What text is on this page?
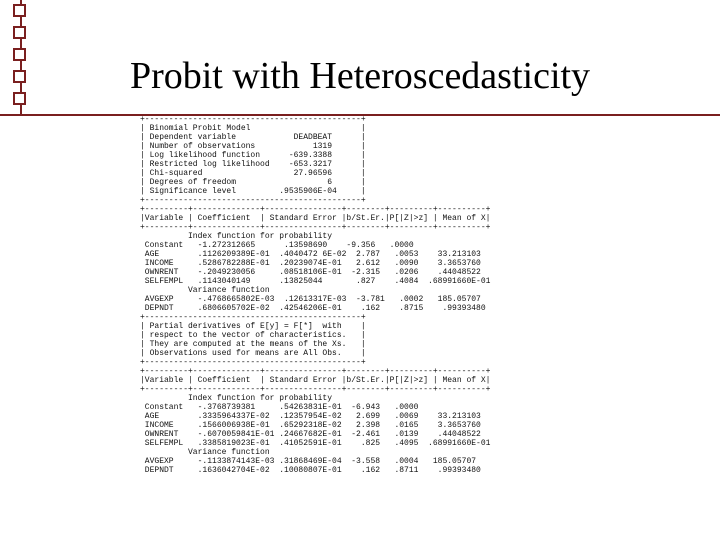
Probit with Heteroscedasticity
+---------------------------------------------+
| Binomial Probit Model                       |
| Dependent variable            DEADBEAT      |
| Number of observations            1319      |
| Log likelihood function      -639.3388      |
| Restricted log likelihood    -653.3217      |
| Chi-squared                   27.96596      |
| Degrees of freedom                   6      |
| Significance level         .9535906E-04     |
+---------------------------------------------+
+---------+--------------+----------------+--------+---------+----------+
|Variable | Coefficient  | Standard Error |b/St.Er.|P[|Z|>z] | Mean of X|
+---------+--------------+----------------+--------+---------+----------+
Index function for probability
Constant   -1.272312665      .13598690    -9.356   .0000
AGE        .1126209389E-01  .4040472 6E-02  2.787   .0053    33.213103
INCOME     .5286782288E-01  .20239074E-01   2.612   .0090    3.3653760
OWNRENT    -.2049230056     .08518106E-01  -2.315   .0206    .44048522
SELFEMPL   .1143040149      .13825044       .827    .4084  .68991660E-01
Variance function
AVGEXP     -.4768665802E-03  .12613317E-03  -3.781   .0002   185.05707
DEPNDT     .6806605702E-02  .42546206E-01    .162    .8715    .99393480
+---------------------------------------------+
| Partial derivatives of E[y] = F[*]  with    |
| respect to the vector of characteristics.   |
| They are computed at the means of the Xs.   |
| Observations used for means are All Obs.    |
+---------------------------------------------+
+---------+--------------+----------------+--------+---------+----------+
|Variable | Coefficient  | Standard Error |b/St.Er.|P[|Z|>z] | Mean of X|
+---------+--------------+----------------+--------+---------+----------+
Index function for probability
Constant   -.3768739381     .54263831E-01  -6.943   .0000
AGE        .3335964337E-02  .12357954E-02   2.699   .0069    33.213103
INCOME     .1566006938E-01  .65292318E-02   2.398   .0165    3.3653760
OWNRENT    -.6070059841E-01 .24667682E-01  -2.461   .0139    .44048522
SELFEMPL   .3385819023E-01  .41052591E-01    .825   .4095  .68991660E-01
Variance function
AVGEXP     -.1133874143E-03 .31868469E-04  -3.558   .0004   185.05707
DEPNDT     .1636042704E-02  .10080807E-01    .162   .8711    .99393480
